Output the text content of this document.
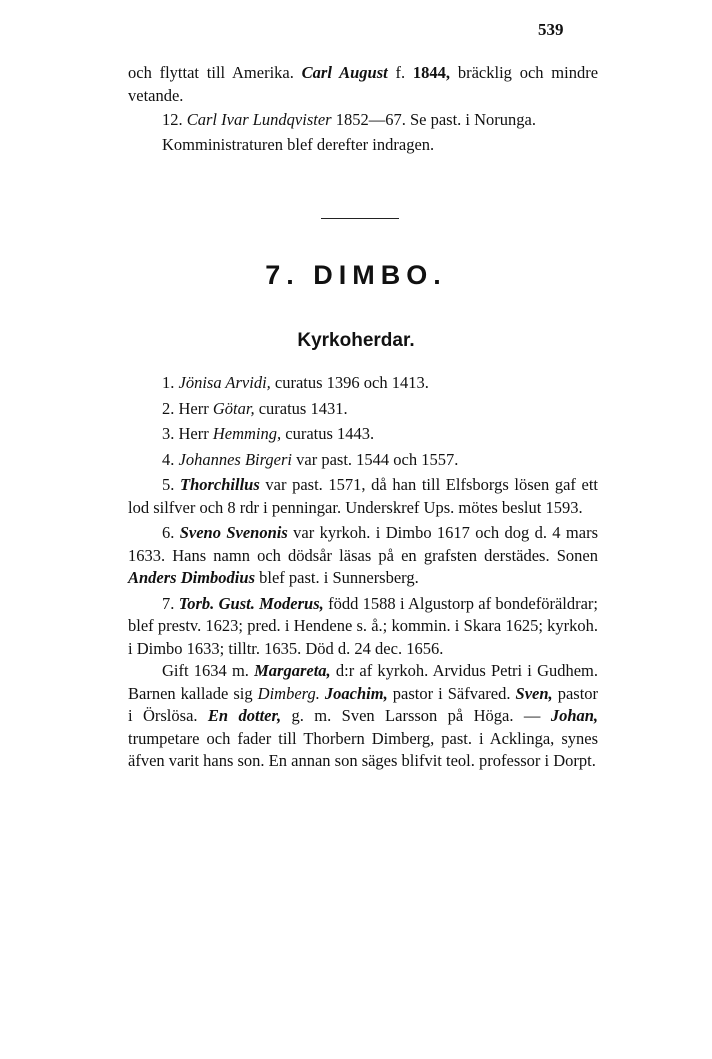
539

och flyttat till Amerika. Carl August f. 1844, bräcklig och mindre vetande.

12. Carl Ivar Lundqvister 1852—67. Se past. i Norunga.

Komministraturen blef derefter indragen.

7. DIMBO.
Kyrkoherdar.

1. Jönisa Arvidi, curatus 1396 och 1413.

2. Herr Götar, curatus 1431.

3. Herr Hemming, curatus 1443.

4. Johannes Birgeri var past. 1544 och 1557.

5. Thorchillus var past. 1571, då han till Elfsborgs lösen gaf ett lod silfver och 8 rdr i penningar. Underskref Ups. mötes beslut 1593.

6. Sveno Svenonis var kyrkoh. i Dimbo 1617 och dog d. 4 mars 1633. Hans namn och dödsår läsas på en grafsten derstädes. Sonen Anders Dimbodius blef past. i Sunnersberg.

7. Torb. Gust. Moderus, född 1588 i Algustorp af bondeföräldrar; blef prestv. 1623; pred. i Hendene s. å.; kommin. i Skara 1625; kyrkoh. i Dimbo 1633; tilltr. 1635. Död d. 24 dec. 1656.

Gift 1634 m. Margareta, d:r af kyrkoh. Arvidus Petri i Gudhem. Barnen kallade sig Dimberg. Joachim, pastor i Säfvared. Sven, pastor i Örslösa. En dotter, g. m. Sven Larsson på Höga. — Johan, trumpetare och fader till Thorbern Dimberg, past. i Acklinga, synes äfven varit hans son. En annan son säges blifvit teol. professor i Dorpt.
